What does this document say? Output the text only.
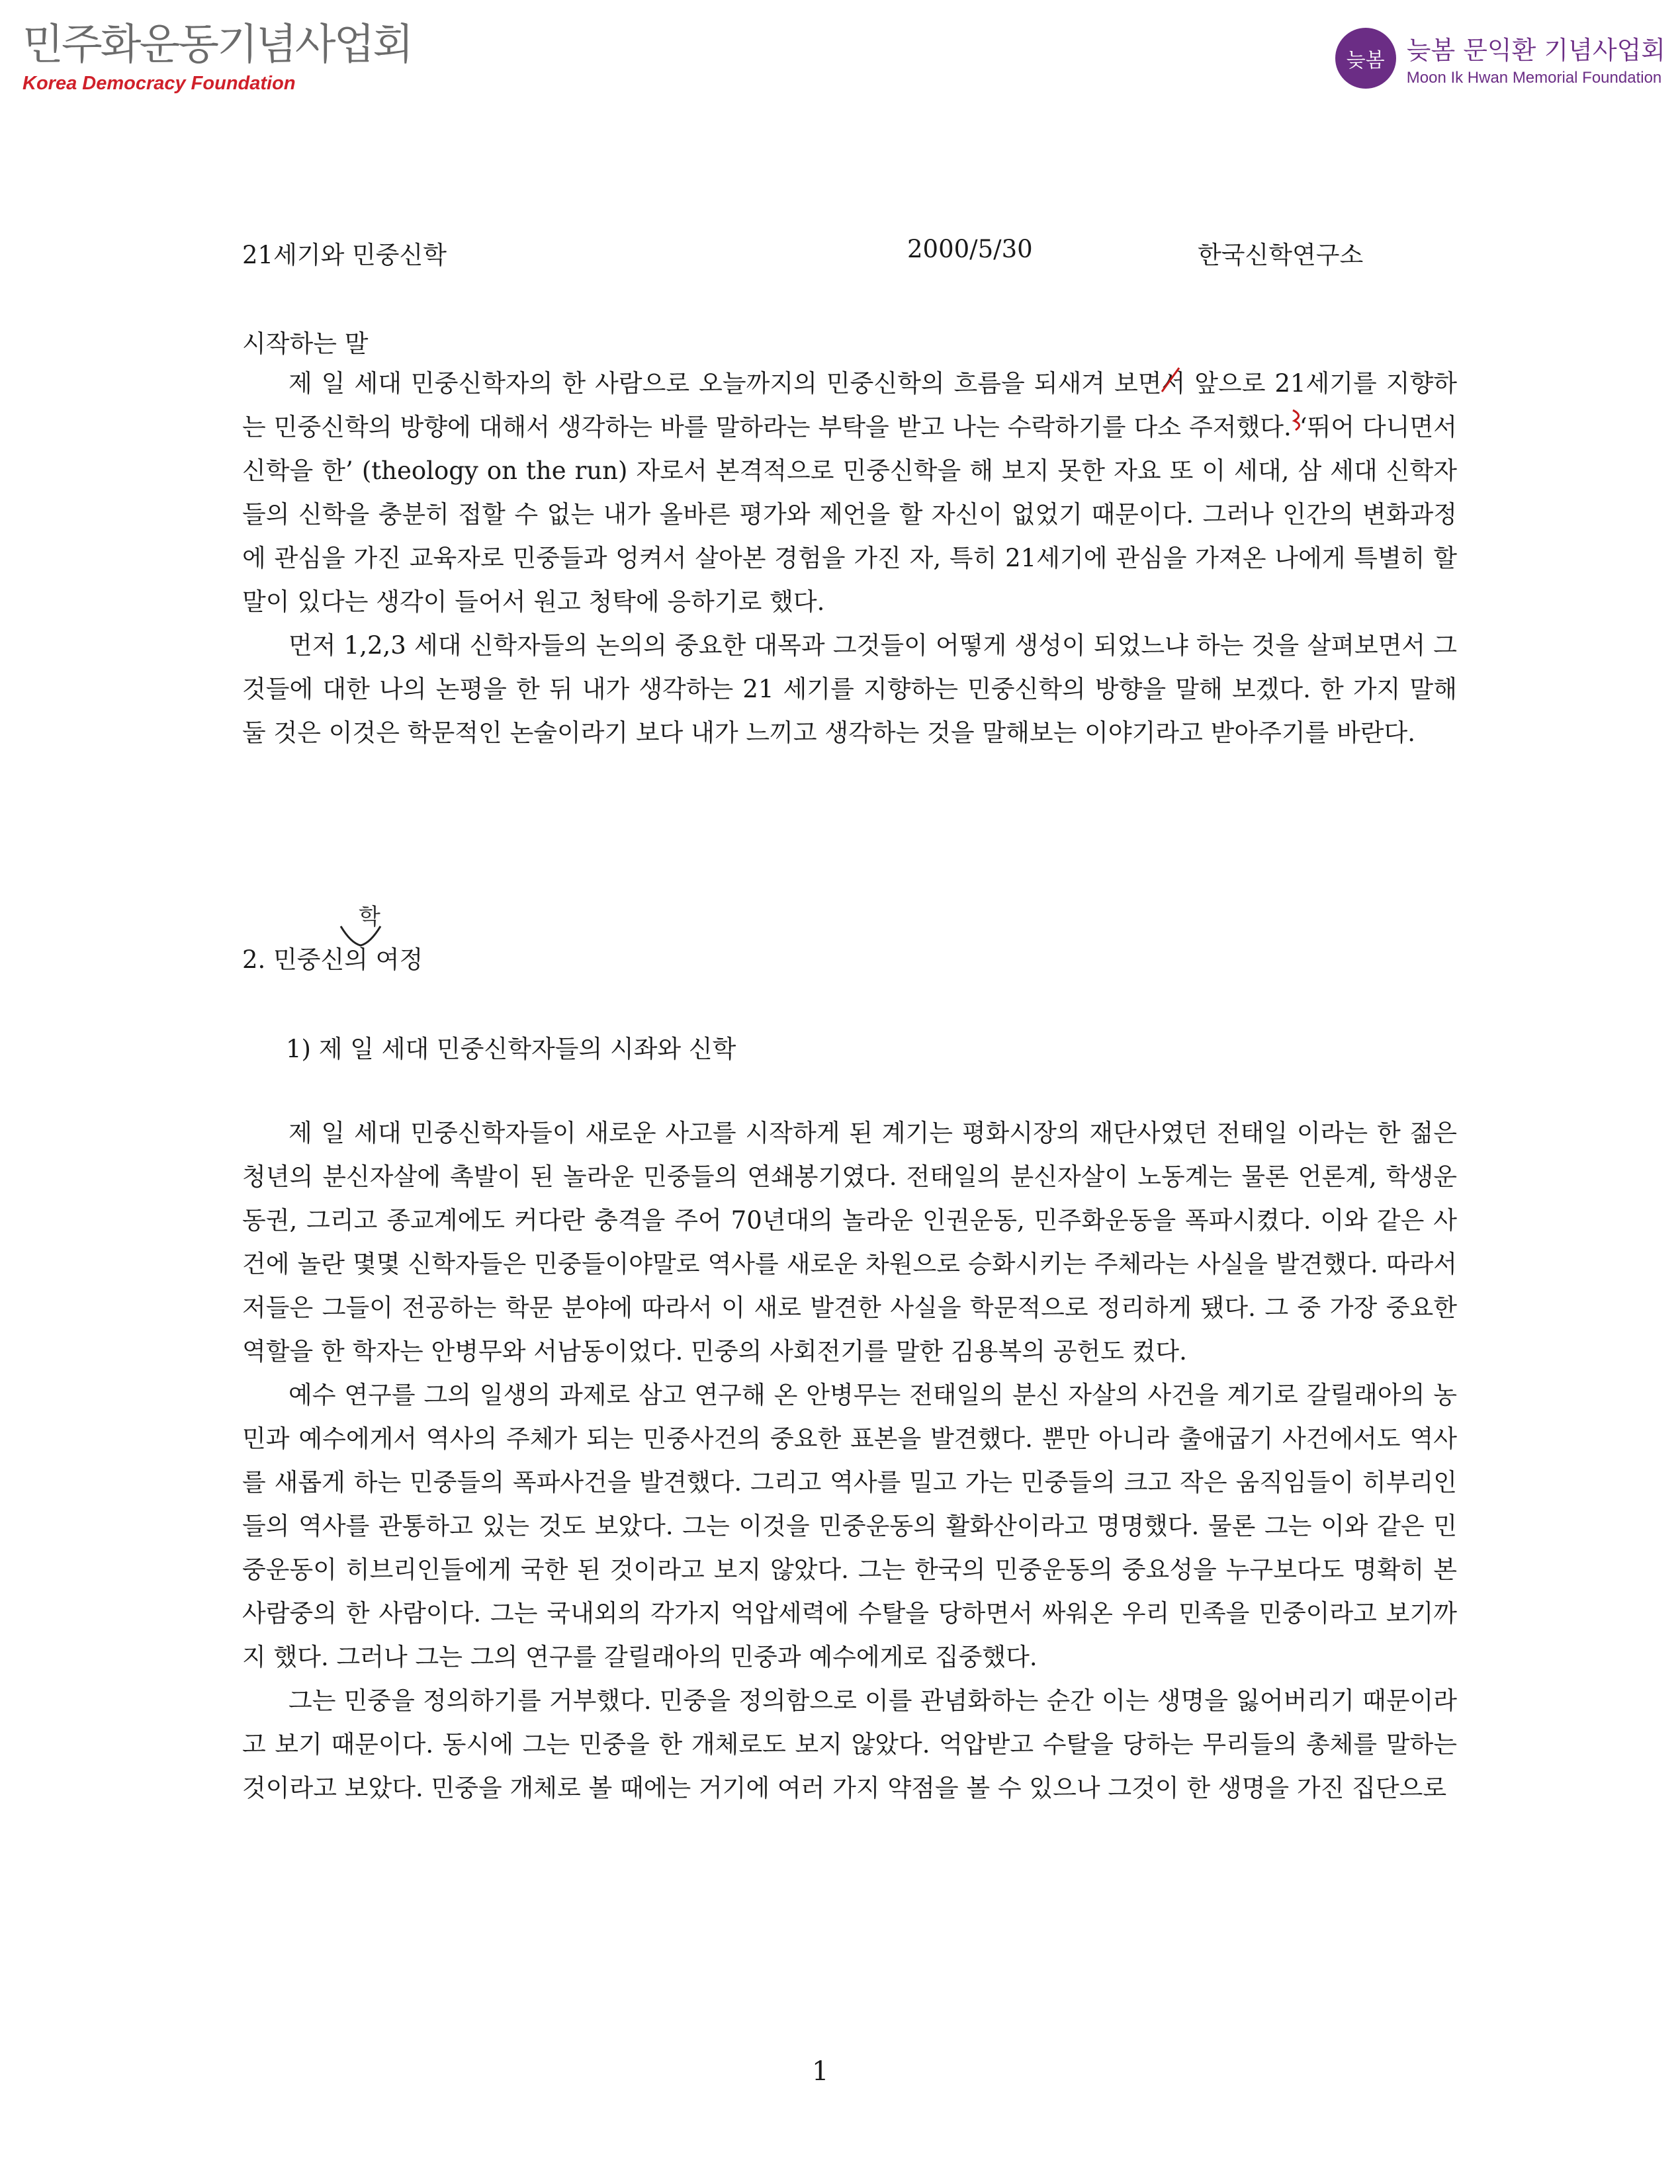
민주화운동기념사업회
Korea Democracy Foundation
늦봄 늦봄 문익환 기념사업회
Moon Ik Hwan Memorial Foundation
21세기와 민중신학	2000/5/30	한국신학연구소
시작하는 말

제 일 세대 민중신학자의 한 사람으로 오늘까지의 민중신학의 흐름을 되새겨 보면서 앞으로 21세기를 지향하는 민중신학의 방향에 대해서 생각하는 바를 말하라는 부탁을 받고 나는 수락하기를 다소 주저했다. ‘뛰어 다니면서 신학을 한’ (theology on the run) 자로서 본격적으로 민중신학을 해 보지 못한 자요 또 이 세대, 삼 세대 신학자들의 신학을 충분히 접할 수 없는 내가 올바른 평가와 제언을 할 자신이 없었기 때문이다. 그러나 인간의 변화과정에 관심을 가진 교육자로 민중들과 엉켜서 살아본 경험을 가진 자, 특히 21세기에 관심을 가져온 나에게 특별히 할 말이 있다는 생각이 들어서 원고 청탁에 응하기로 했다.

먼저 1,2,3 세대 신학자들의 논의의 중요한 대목과 그것들이 어떻게 생성이 되었느냐 하는 것을 살펴보면서 그것들에 대한 나의 논평을 한 뒤 내가 생각하는 21 세기를 지향하는 민중신학의 방향을 말해 보겠다. 한 가지 말해 둘 것은 이것은 학문적인 논술이라기 보다 내가 느끼고 생각하는 것을 말해보는 이야기라고 받아주기를 바란다.

2. 민중신의 여정
학
1) 제 일 세대 민중신학자들의 시좌와 신학

제 일 세대 민중신학자들이 새로운 사고를 시작하게 된 계기는 평화시장의 재단사였던 전태일 이라는 한 젊은 청년의 분신자살에 촉발이 된 놀라운 민중들의 연쇄봉기였다. 전태일의 분신자살이 노동계는 물론 언론계, 학생운동권, 그리고 종교계에도 커다란 충격을 주어 70년대의 놀라운 인권운동, 민주화운동을 폭파시켰다. 이와 같은 사건에 놀란 몇몇 신학자들은 민중들이야말로 역사를 새로운 차원으로 승화시키는 주체라는 사실을 발견했다. 따라서 저들은 그들이 전공하는 학문 분야에 따라서 이 새로 발견한 사실을 학문적으로 정리하게 됐다. 그 중 가장 중요한 역할을 한 학자는 안병무와 서남동이었다. 민중의 사회전기를 말한 김용복의 공헌도 컸다.

예수 연구를 그의 일생의 과제로 삼고 연구해 온 안병무는 전태일의 분신 자살의 사건을 계기로 갈릴래아의 농민과 예수에게서 역사의 주체가 되는 민중사건의 중요한 표본을 발견했다. 뿐만 아니라 출애굽기 사건에서도 역사를 새롭게 하는 민중들의 폭파사건을 발견했다. 그리고 역사를 밀고 가는 민중들의 크고 작은 움직임들이 히부리인들의 역사를 관통하고 있는 것도 보았다. 그는 이것을 민중운동의 활화산이라고 명명했다. 물론 그는 이와 같은 민중운동이 히브리인들에게 국한 된 것이라고 보지 않았다. 그는 한국의 민중운동의 중요성을 누구보다도 명확히 본 사람중의 한 사람이다. 그는 국내외의 각가지 억압세력에 수탈을 당하면서 싸워온 우리 민족을 민중이라고 보기까지 했다. 그러나 그는 그의 연구를 갈릴래아의 민중과 예수에게로 집중했다.

그는 민중을 정의하기를 거부했다. 민중을 정의함으로 이를 관념화하는 순간 이는 생명을 잃어버리기 때문이라고 보기 때문이다. 동시에 그는 민중을 한 개체로도 보지 않았다. 억압받고 수탈을 당하는 무리들의 총체를 말하는 것이라고 보았다. 민중을 개체로 볼 때에는 거기에 여러 가지 약점을 볼 수 있으나 그것이 한 생명을 가진 집단으로

1
